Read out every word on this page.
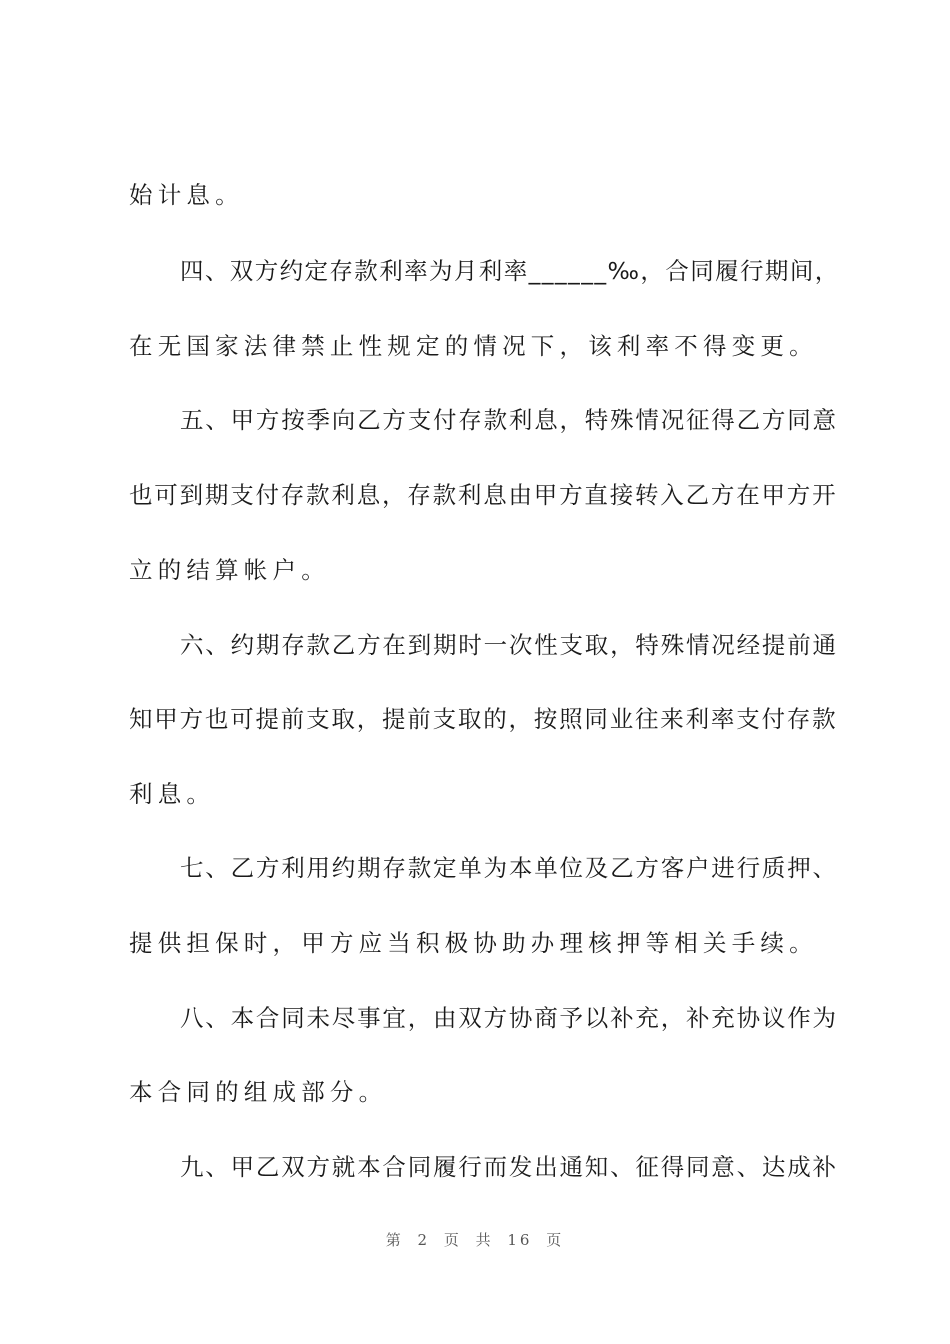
始计息。
四、双方约定存款利率为月利率______‰，合同履行期间，
在无国家法律禁止性规定的情况下，该利率不得变更。
五、甲方按季向乙方支付存款利息，特殊情况征得乙方同意
也可到期支付存款利息，存款利息由甲方直接转入乙方在甲方开
立的结算帐户。
六、约期存款乙方在到期时一次性支取，特殊情况经提前通
知甲方也可提前支取，提前支取的，按照同业往来利率支付存款
利息。
七、乙方利用约期存款定单为本单位及乙方客户进行质押、
提供担保时，甲方应当积极协助办理核押等相关手续。
八、本合同未尽事宜，由双方协商予以补充，补充协议作为
本合同的组成部分。
九、甲乙双方就本合同履行而发出通知、征得同意、达成补
第 2 页 共 16 页
